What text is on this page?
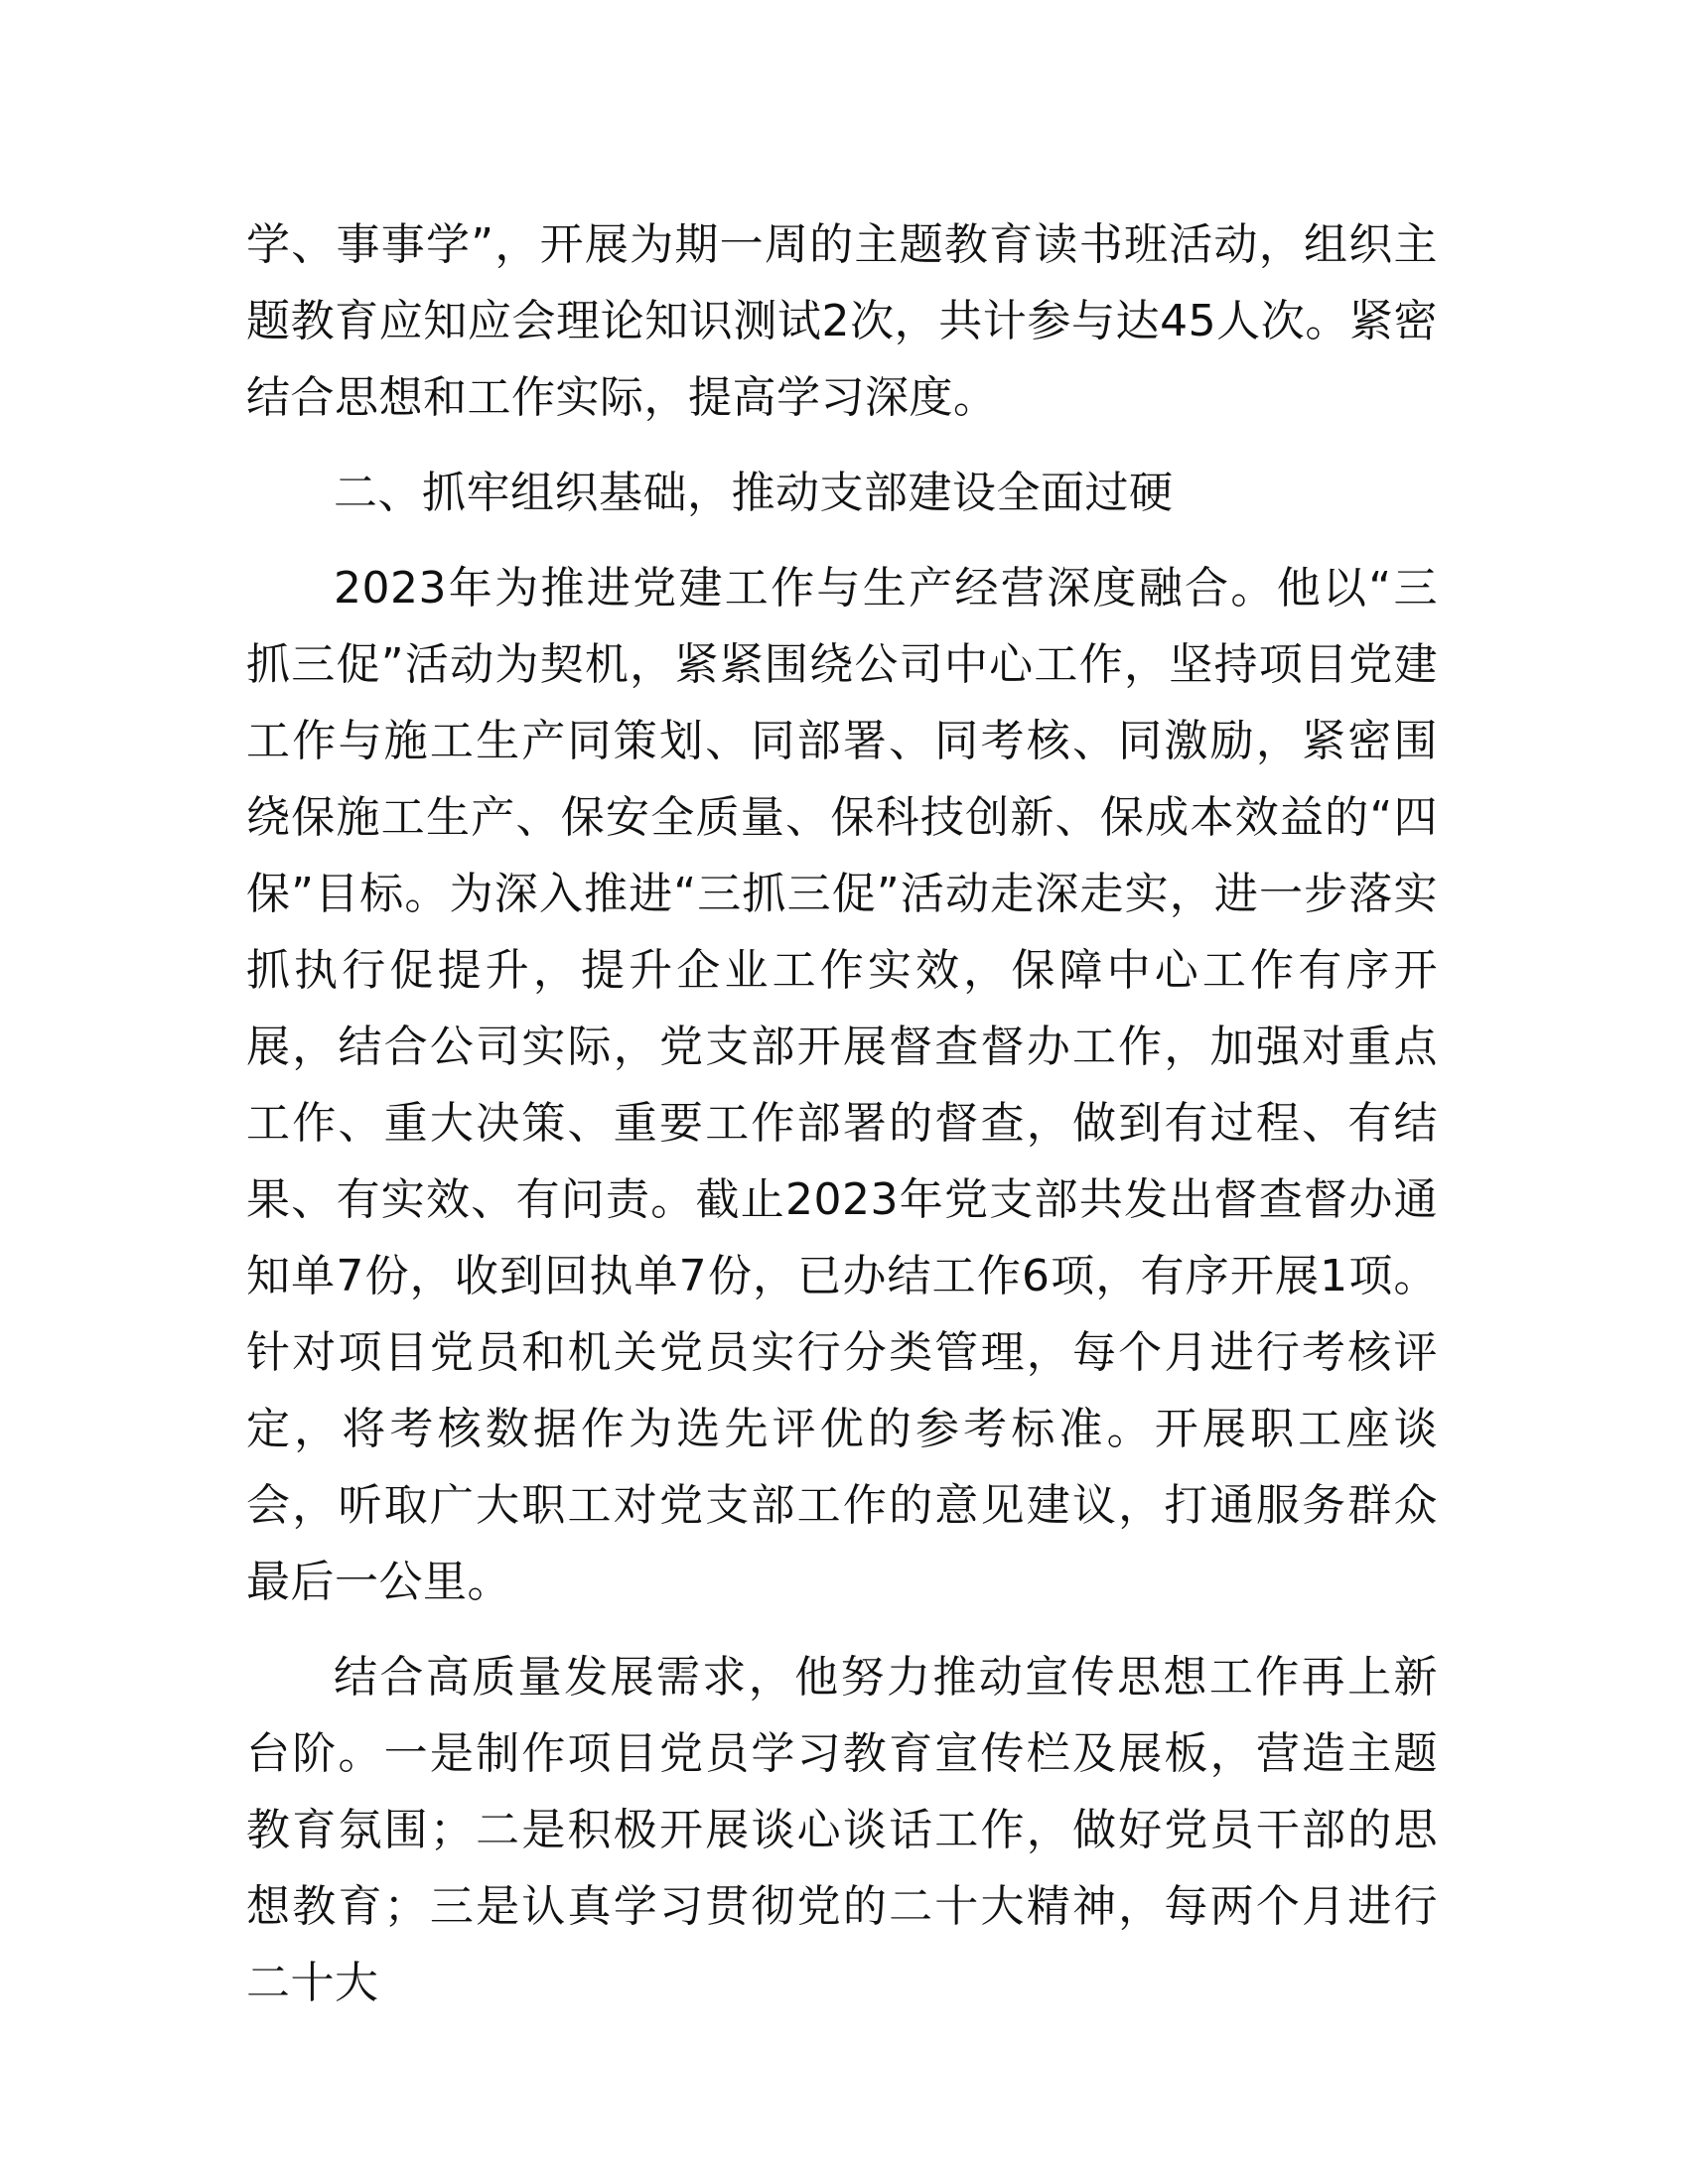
学、事事学”，开展为期一周的主题教育读书班活动，组织主题教育应知应会理论知识测试2次，共计参与达45人次。紧密结合思想和工作实际，提高学习深度。

二、抓牢组织基础，推动支部建设全面过硬

2023年为推进党建工作与生产经营深度融合。他以“三抓三促”活动为契机，紧紧围绕公司中心工作，坚持项目党建工作与施工生产同策划、同部署、同考核、同激励，紧密围绕保施工生产、保安全质量、保科技创新、保成本效益的“四保”目标。为深入推进“三抓三促”活动走深走实，进一步落实抓执行促提升，提升企业工作实效，保障中心工作有序开展，结合公司实际，党支部开展督查督办工作，加强对重点工作、重大决策、重要工作部署的督查，做到有过程、有结果、有实效、有问责。截止2023年党支部共发出督查督办通知单7份，收到回执单7份，已办结工作6项，有序开展1项。针对项目党员和机关党员实行分类管理，每个月进行考核评定，将考核数据作为选先评优的参考标准。开展职工座谈会，听取广大职工对党支部工作的意见建议，打通服务群众最后一公里。

结合高质量发展需求，他努力推动宣传思想工作再上新台阶。一是制作项目党员学习教育宣传栏及展板，营造主题教育氛围；二是积极开展谈心谈话工作，做好党员干部的思想教育；三是认真学习贯彻党的二十大精神，每两个月进行二十大
